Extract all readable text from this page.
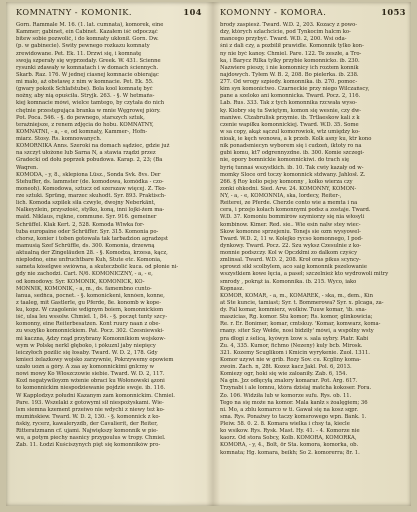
KOMNATNY - KOMONIK.	104
Gorn. Rammale M. 16. (1. lat. cumnata), komorek, eine
Kammer; gabinet, ein Cabinet. Kazałem iść odpocząć
bitew sobie pozwolić, i do komnaty ukłonił. Gorn. Dw.
(p. w gabinecie). Świty pewnego rozkazu komnaty
zrewidowane. Pet. Ek. 11. Drzwi się, i komnatę
swoją szperały się wyprzedały. Greek. W. 431. Ścienne
rysunki zdawały w komnatach i w domach ściennych.
Skarb. Raz. 176. W jednej ciasnej komnacie obierając
mi mało, aż obstawę z nim w komnacie. Pet. Ek. 55.
(gwary pokoik Schlafstube). Bola kool komnatę być
nożny, aby nią opuściła. Stryjk. 263. - §. W hetmańs-
kiej komnacie mówi, wielce tamtego, by czytała do nich
chętnie przestępująca branka w mnie Węgrowej pióry.
Pot. Poca. 546. - §. do pewnego, starszych sztuk,
teraźniejsze, z renem zdjęcia do hobu. KOMNATNY,
KOMNATNI, - a, - e, od komnaty, Kammer-, Hofn-
miarz. Stosy. Rs. komnowanych.
KOMORNIKA Anns. Szeroki na domach sądziec, gdzie już
na szczyt ułożone lub Sarna N, a stawia rządzi przez
Gradecki od dołu poprzek pobudowa. Karap. 2, 23; (Ba
Waqren.
KOMODA, - y, 8., sklepiona Lüsz., Sonda Svk. 8vs. Der
Stehuffer, ds. lammster (de. komodowa, komódka - czo-
moneoh). Komodowa, sztucz od szerszaw więcej. Z. Tko-
rze sztuki. Sprüng, marzec skuhodt. Syr. 893. Praktisch-
lich. Komoda szpilek siła czwyle, dwojny Neberkänt,
Nalkeyzlein, przyszłość, stylko, koną, inni lojki-żem ma-
maid. Niklaus, rujkne, commune. Syr. 916. gemeiner
Schrüffel. Klak Kert. 2, 528. Komoda Wlwka for-
tuba europaine oder Schrüffer. Syr. 315. Komonia po-
chorsz, konier i toben gotowała tak tarbadzion agradzęst
mamusią Szef Schrüffle, ds. 300. Komonia, drzewną
aktualną der Zingeläuden 28. - §. Komodza, krzesa, kącz,
nieplodno, eine unfruchtbare Kuh, Stute etc. Komonia,
sameta kóselgwe swiówna, a skuteczbolić kuca. od płonie ni-
gdy nie zachodzi. Cart. N/6. KOMONICZNY, - a, - e,
od komodowy. Syr. KOMONIK, KOMONICK, KO-
MONNIK, KOMONIK, - a, m., ds. famembno cunto-
łanua, sedńca, pocnet. - §. komonickeni, knnóen, konne,
z taaleg, mit Gastlerle, gu Pferde, 8e. konomb w kope-
ku, kopz. W czagolenie wdignym boiem, komonnickiom
iść, ulsa leu wssolw. Chmiel. 1, 84. - §. poczęt tunty szcy-
komonny, eine Reiterbesatzen. Kont ruury naan z obe-
zu wszylko komonnickiem. Pat. Pocz. 302. Czesniewski-
mi kaczna, Ądzy rząd przybrany Komonnikiom wojskow-
wym w Polskę nerkl głęboko, i pókuznl jaby niepięcy
leiczyłoch pozilic się łosaby. Tward. W. D. 2, 178. Gdy
kmieci żelazkowy wojsko zarzywnie, Pokrzywemy opowiem
uzało uozn a góry. A zaa ay komonnickimi gnlcmy w
nowi mowy Ko Włoszczowie siebie. Tward. W. D. 2, 117.
Kozl negatywiloyzm wżenie obraci ku Wołonowski ązoni
to komonnickim niespodziewanie pojdzie swoje. ib. 116.
W Kapplodzyz południ Kazanym zam komonnickim. Chmiel.
Pare. 193. Wszelaki z gotowymi sił niespożyskami. Wie-
lsm siemna kzement przeiwo nie wdychi z niewy też ko-
mumińskiew. Tward. W. D. 2, 130. - §. komonnick z ko-
ńskiy, rycerz, kawaleryzdb, der Cavalierit, der Reiter,
Ritteratzmann cf. ujami. Największy komonnik w pie-
wu, a potym piechy nasnicy przygoulus w tropy. Chmiel.
Zab. 11. Łodzi Kuściszynych pięt się komonników pro-
KOMONNY - KOMORA.	1053
brody zaspiesż. Tward. W.D. 2, 203. Kozacy z powo-
dzy, których szlachcicie, pod Tynkocim halcm ko-
mancego przybyć. Tward. W.D. 2, 200. Wsi oda-
śni z dali czy, a pozbilił prawidle. Komonnik tylko kon-
ny nie być kanoy. Chmiel. Pare. 122. Te zeszłe, a Tro-
ka, i Barycz Rilka tylky przybie komonnicko. ib. 230.
Nazwiere pieszy, i nie komonnicy ich rozżem konnik
najdowych. Tyłem W. B. 2, 208. Bo pielerka. ib. 238.
277. Od wrogy szpiedy. komonnika. ib. 270. pomoc-
kim syn komonictwo. Czarneckie przy niego Wilczańscy,
pane a szeloko ani komonnicka. Tward. Pocz. 2, 116.
Lab. Rus. 333. Tak z tych komonnika rzcwała wyso-
ký. Kiobry się tu Świętym, komon się wesnie, czy dw-
maniwe. Ctzabrulisk przymie. ib. Trtlaeskow kali z k
czenie wapiłku komonnickiej. Tward. W.D. 35. Some
w sa copy, akąż sączul komorowiok, wtz umiędzy ko-
nioak, ie kęch wonowa, a k przeb. Kolk asny ku, ktr kono
nik ponadsmiecyn wyborem się i cudzeń, iktoty ro na
gubi komu, kt7 odgrennyzdne. ib. 300. Komie szczegi-
nie, opory bomnickie komonnickiwi. do trach się
byrię tunnaś wszystkich. ib. 10. Tak cwiy kazały od w-
momky Sloce ord toczy komonnick stdwany. Jahlosł. Z.
266. § Roy kolio pejsy komonny , kołko wierza czy
zonki ohkodni. Sied. Arw. 24. KOMONNY, KOMON-
NY, - a, - e, KOMONNIA, ska, lordecy, Reiter-,
Reiterei, ze Pferde. Cherzle conto wie a memta i na
cera, i przejo kołach komonnymi podsz a zostaje. Tward.
W.D. 37. Komoniu bommirów szymiorzy się nia włosyli
kombinow. Kimer. Red. sie.. Wie esin nalw stey wiec-
Skow komonne sprzejeniu. Tonejs sie ozm wysyowel-
Tward. W.D. 2, 11 w. Kolejko rycso komonnego, I pod-
dynkowy. Tward. Pocz. 22. Szu wyksz Czesulnie z ko-
monnie podszczy. Kol w Opczkłmi zo dalkom czyścy
zmlinsal. Tward. W.D. 2, 208. Kroł oras pikus scyncy-
sprowzi sikł scolbylem, aco saig komonnik pszelowanie
wszystkiem kowe łęcia, a paseł; szczelnież kto wydrowoli mitry
smrody , pokrąż ia. Komonnika. ib. 215. Wyco, iako
Kopnasz.
KOMOR, KOMAR, - a, m., KOMAREK, - ska, m., dem., Kin
at Ste kuncie, tamiast; Syr. t. Bommerowa? Syr. x. plcaga, za-
dy. Fal komar, kommierz, wolkiw. Tuuw komar, 'ib. sna-
maszicias, Rg. komor. Stu komor; Rs. komor, glinkowicia;
Re. r. Er. Bonimer, komar, cmtskuy. 'Komar, komwarz, koma-
rnany. siter Szy Wełde, nosi bidziły' mówi, a wspólny wsty
pra dłogi z śelicą, kyówyn lzow s. sala uybry. Piatr. Kabi
Zu. 4, 335. Kumor, fichmo (Nezeny) kuly bcb. Mirosk.
321. Kozemy Scuglikom i Kmicin wyrykenie. Zuol. 1311.
Komor uzywi nie w grib. Rozy Sov. cu. Kcgliny koma-
zwoin. Zach. n, 28t. Kozez kacz Jakl. Pol. 6, 2013.
Komiezy ogr, hoki się wie zaloaniły. Zab. 6, 154.
Na gin. Jzz odłęcyłą znalory komarar. Pot. Arg. 617.
Trzynabi i ale łomnu, która dzisiaj matcha kokoser. Fora.
Zo. 106. Widziła lub w komorze sufu. Rys. ob. 11.
Tego na się moźe na komor. Mala kanłz s żoalęgiem; 36
ni. Mo, a zblu komarco w ti. Gawał się na kosz sqpr.
sma. Rys. Ponaźwy to taczy komsrowego wpn. Bank. 1.
Pleiw. 58. 0. 2. 8. Komara wielka i chsy ta, kiecle
ko wsikow. Rys. Rysk. Mast. Hy. 41. - 4. Komorze nie
kaorz. Od stora Sobcy, Kolb. KOMORA, KOMORKA,
KOMORA, - y, 4., Bolt, ör Sta. komora, komorka, ob.
komnata; Hg. komara, beikh; So 2. komorerra; 8r. 1.
